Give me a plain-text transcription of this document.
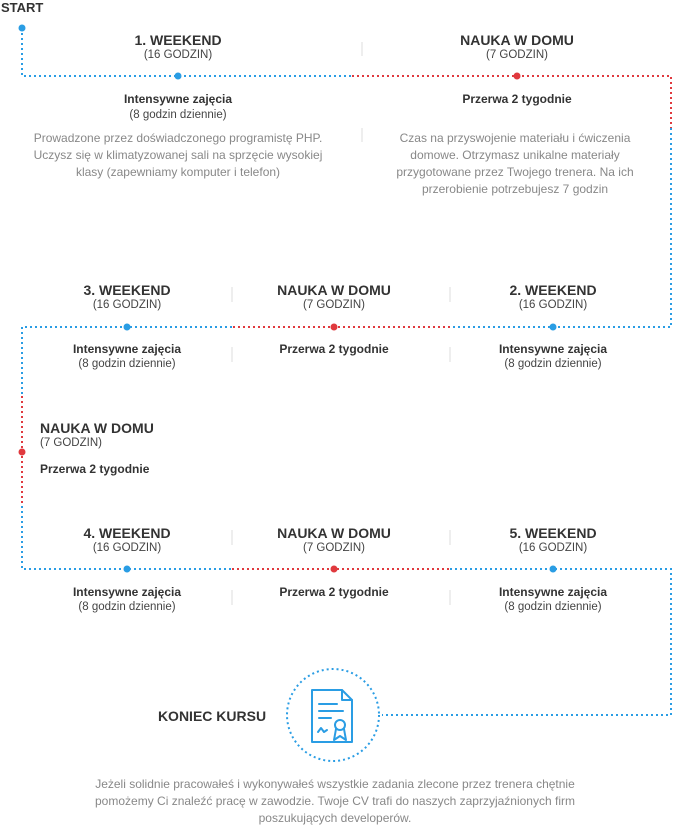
START
1. WEEKEND
(16 GODZIN)
Intensywne zajęcia
(8 godzin dziennie)
Prowadzone przez doświadczonego programistę PHP. Uczysz się w klimatyzowanej sali na sprzęcie wysokiej klasy (zapewniamy komputer i telefon)
NAUKA W DOMU
(7 GODZIN)
Przerwa 2 tygodnie
Czas na przyswojenie materiału i ćwiczenia domowe. Otrzymasz unikalne materiały przygotowane przez Twojego trenera. Na ich przerobienie potrzebujesz 7 godzin
3. WEEKEND
(16 GODZIN)
Intensywne zajęcia
(8 godzin dziennie)
NAUKA W DOMU
(7 GODZIN)
Przerwa 2 tygodnie
2. WEEKEND
(16 GODZIN)
Intensywne zajęcia
(8 godzin dziennie)
NAUKA W DOMU
(7 GODZIN)
Przerwa 2 tygodnie
4. WEEKEND
(16 GODZIN)
Intensywne zajęcia
(8 godzin dziennie)
NAUKA W DOMU
(7 GODZIN)
Przerwa 2 tygodnie
5. WEEKEND
(16 GODZIN)
Intensywne zajęcia
(8 godzin dziennie)
KONIEC KURSU
Jeżeli solidnie pracowałeś i wykonywałeś wszystkie zadania zlecone przez trenera chętnie pomożemy Ci znaleźć pracę w zawodzie. Twoje CV trafi do naszych zaprzyjaźnionych firm poszukujących developerów.
